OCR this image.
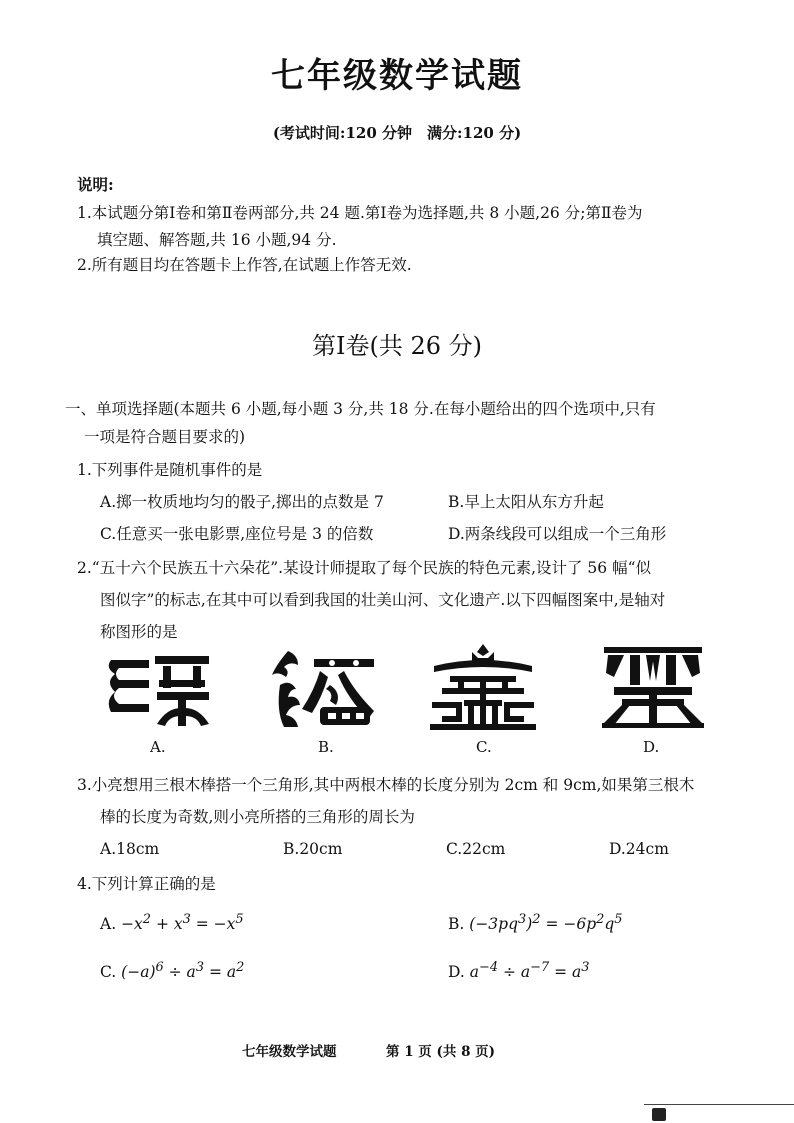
七年级数学试题
(考试时间:120 分钟　满分:120 分)
说明:
1.本试题分第Ⅰ卷和第Ⅱ卷两部分,共 24 题.第Ⅰ卷为选择题,共 8 小题,26 分;第Ⅱ卷为
填空题、解答题,共 16 小题,94 分.
2.所有题目均在答题卡上作答,在试题上作答无效.
第Ⅰ卷(共 26 分)
一、单项选择题(本题共 6 小题,每小题 3 分,共 18 分.在每小题给出的四个选项中,只有
一项是符合题目要求的)
1.下列事件是随机事件的是
A.掷一枚质地均匀的骰子,掷出的点数是 7	B.早上太阳从东方升起
C.任意买一张电影票,座位号是 3 的倍数	D.两条线段可以组成一个三角形
2.“五十六个民族五十六朵花”.某设计师提取了每个民族的特色元素,设计了 56 幅“似
图似字”的标志,在其中可以看到我国的壮美山河、文化遗产.以下四幅图案中,是轴对
称图形的是
A.	B.	C.	D.
3.小亮想用三根木棒搭一个三角形,其中两根木棒的长度分别为 2cm 和 9cm,如果第三根木
棒的长度为奇数,则小亮所搭的三角形的周长为
A.18cm	B.20cm	C.22cm	D.24cm
4.下列计算正确的是
A. $-x^2 + x^3 = -x^5$	B. $(-3pq^3)^2 = -6p^2q^5$
C. $(-a)^6 \div a^3 = a^2$	D. $a^{-4} \div a^{-7} = a^3$
七年级数学试题	第 1 页 (共 8 页)
